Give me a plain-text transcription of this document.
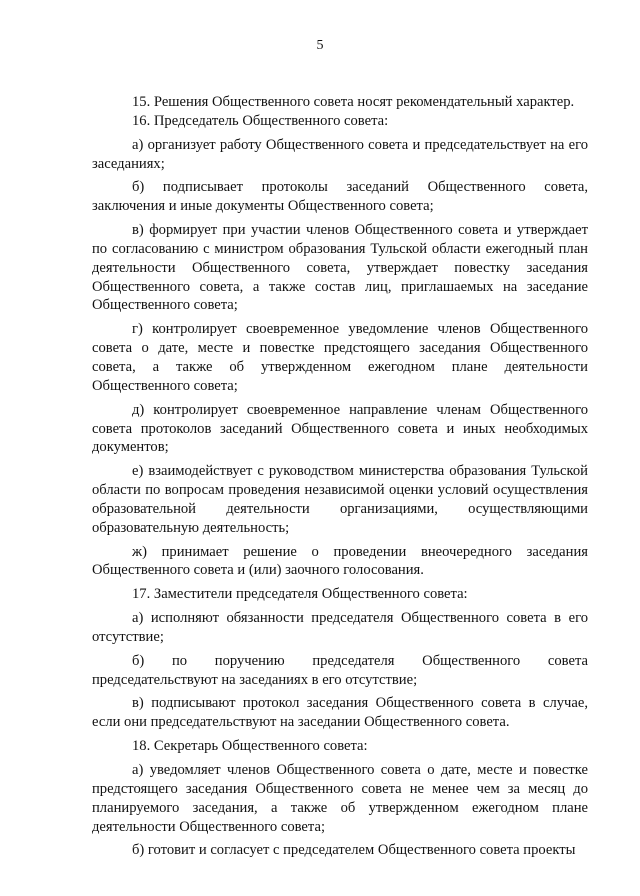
5

15. Решения Общественного совета носят рекомендательный характер.

16. Председатель Общественного совета:

а) организует работу Общественного совета и председательствует на его заседаниях;

б) подписывает протоколы заседаний Общественного совета, заключения и иные документы Общественного совета;

в) формирует при участии членов Общественного совета и утверждает по согласованию с министром образования Тульской области ежегодный план деятельности Общественного совета, утверждает повестку заседания Общественного совета, а также состав лиц, приглашаемых на заседание Общественного совета;

г) контролирует своевременное уведомление членов Общественного совета о дате, месте и повестке предстоящего заседания Общественного совета, а также об утвержденном ежегодном плане деятельности Общественного совета;

д) контролирует своевременное направление членам Общественного совета протоколов заседаний Общественного совета и иных необходимых документов;

е) взаимодействует с руководством министерства образования Тульской области по вопросам проведения независимой оценки условий осуществления образовательной деятельности организациями, осуществляющими образовательную деятельность;

ж) принимает решение о проведении внеочередного заседания Общественного совета и (или) заочного голосования.

17. Заместители председателя Общественного совета:

а) исполняют обязанности председателя Общественного совета в его отсутствие;

б) по поручению председателя Общественного совета председательствуют на заседаниях в его отсутствие;

в) подписывают протокол заседания Общественного совета в случае, если они председательствуют на заседании Общественного совета.

18. Секретарь Общественного совета:

а) уведомляет членов Общественного совета о дате, месте и повестке предстоящего заседания Общественного совета не менее чем за месяц до планируемого заседания, а также об утвержденном ежегодном плане деятельности Общественного совета;

б) готовит и согласует с председателем Общественного совета проекты
